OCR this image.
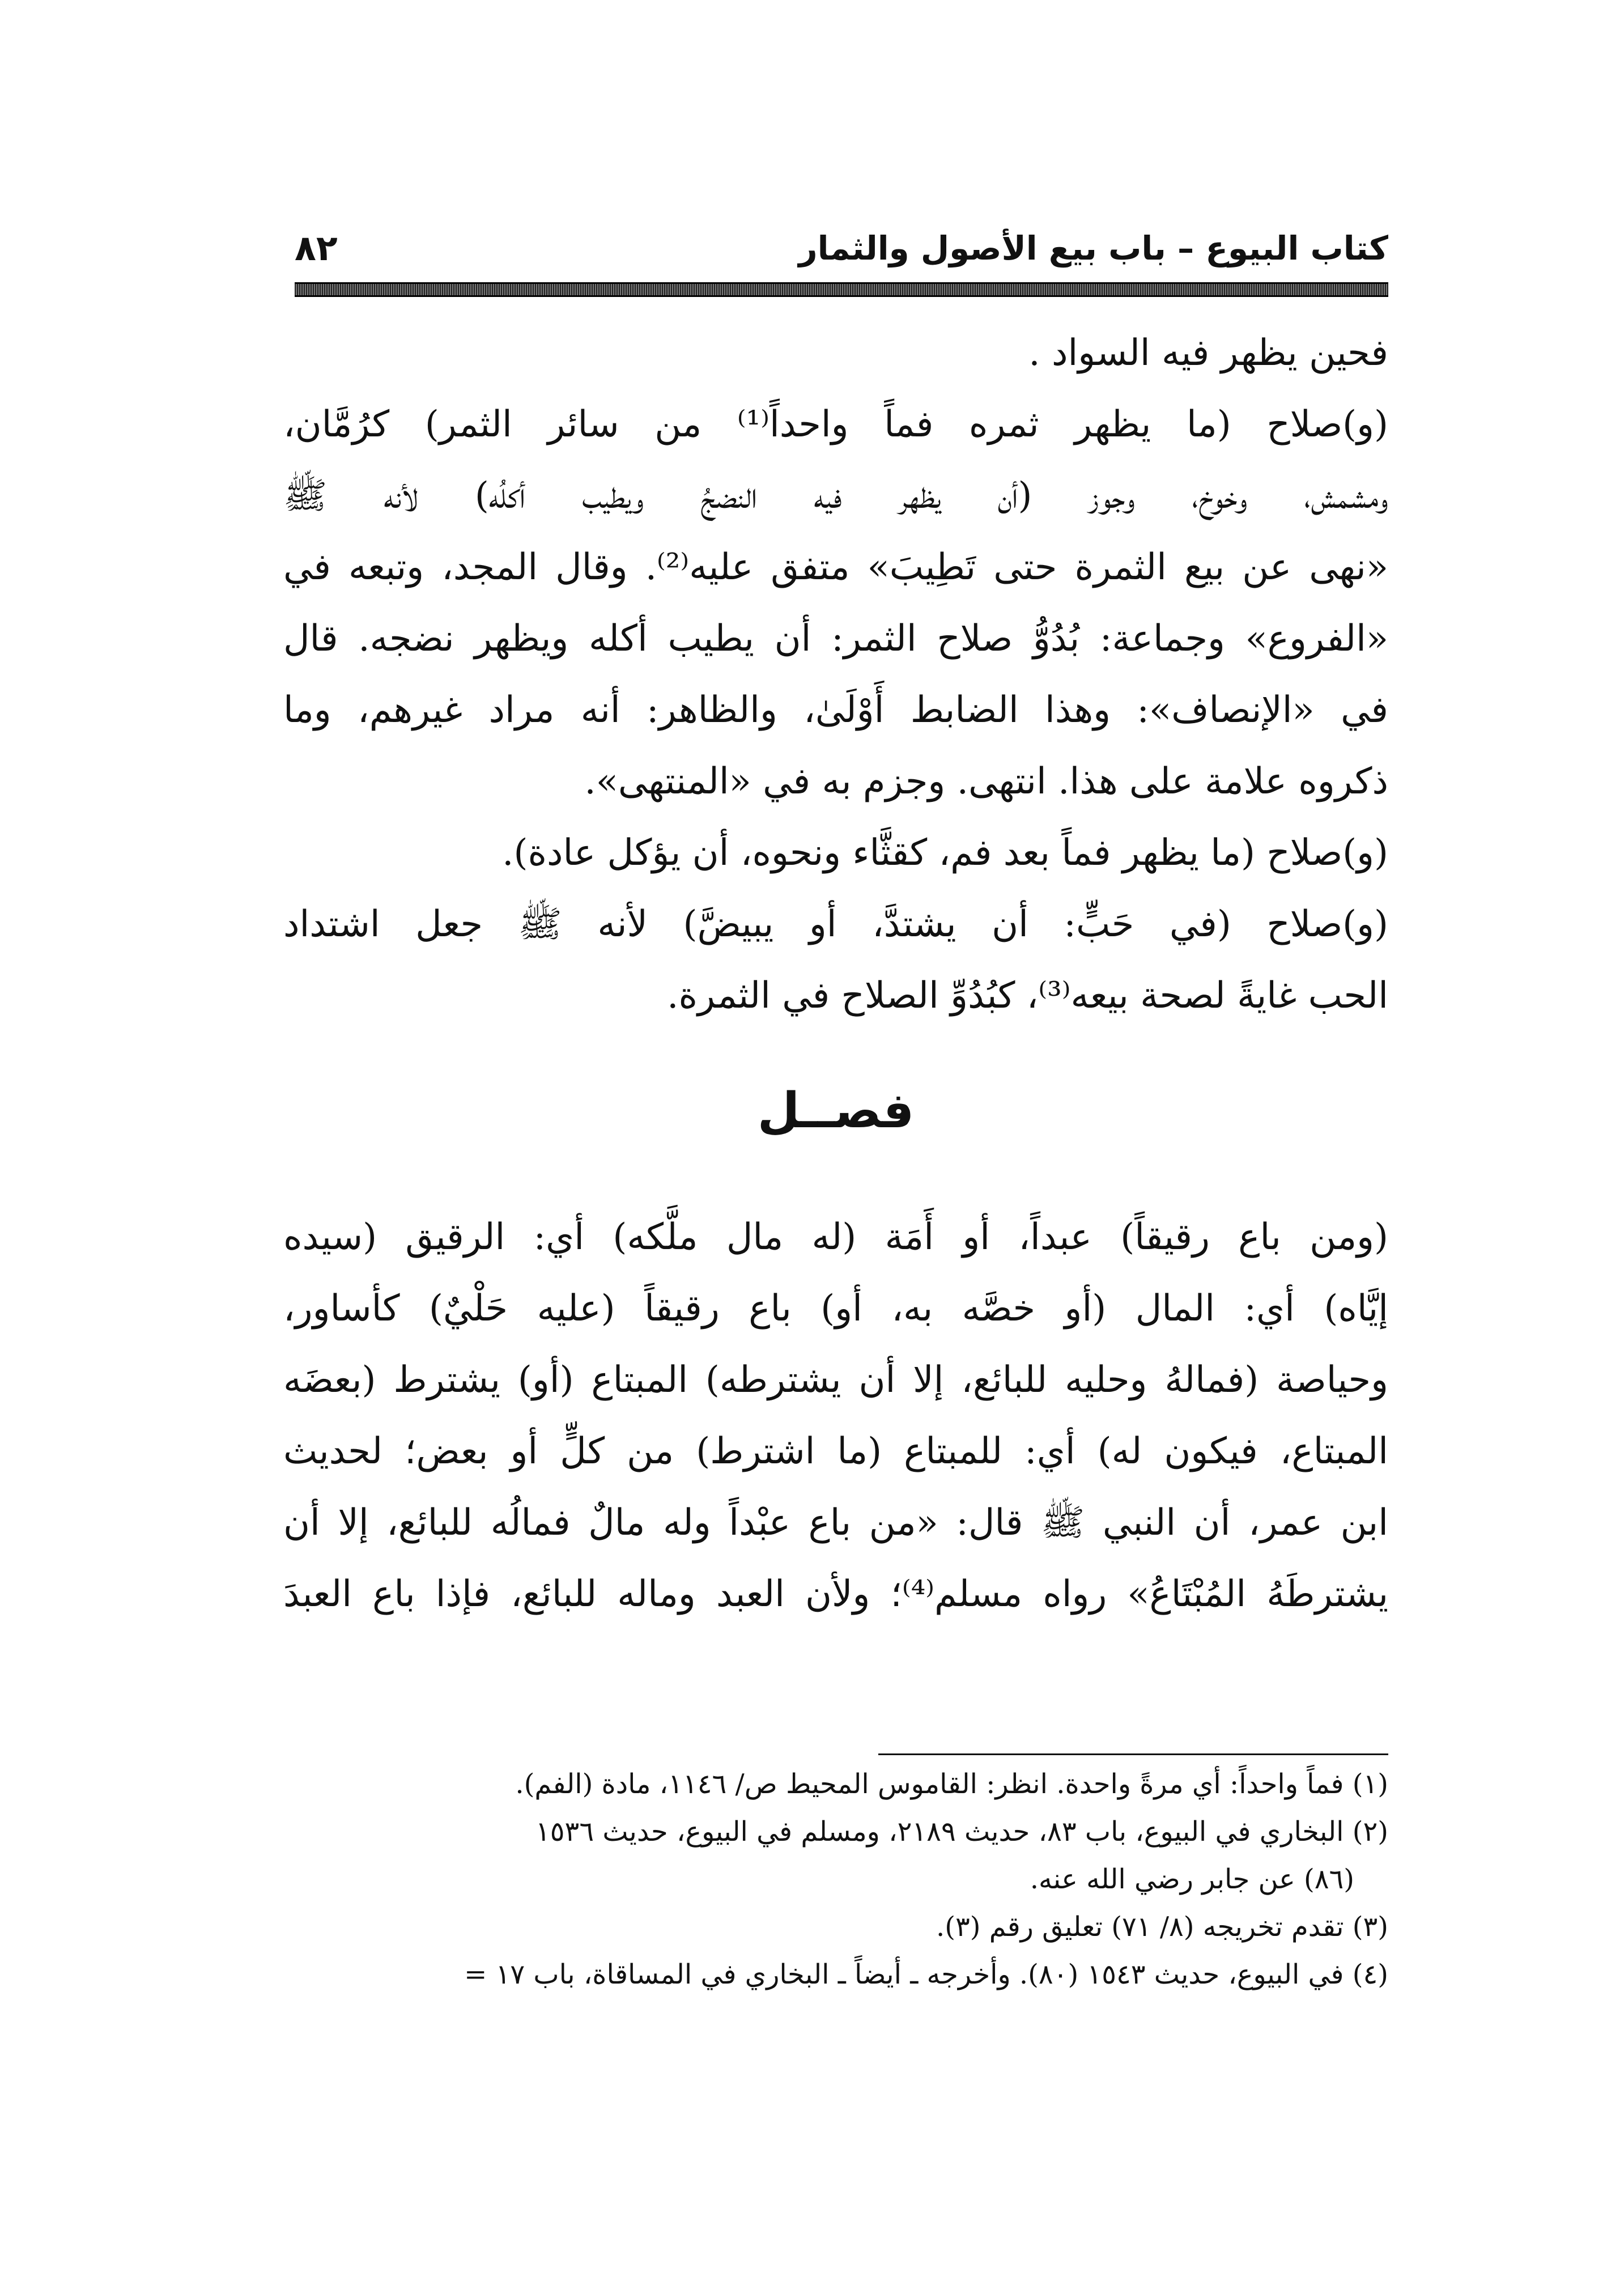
كتاب البيوع – باب بيع الأصول والثمار
٨٢
فحين يظهر فيه السواد .
(و)صلاح (ما يظهر ثمره فماً واحداً⁽¹⁾ من سائر الثمر) كرُمَّان،
ومشمش، وخوخ، وجوز (أن يظهر فيه النضجُ ويطيب أكلُه) لأنه ﷺ
«نهى عن بيع الثمرة حتى تَطِيبَ» متفق عليه⁽²⁾. وقال المجد، وتبعه في
«الفروع» وجماعة: بُدُوُّ صلاح الثمر: أن يطيب أكله ويظهر نضجه. قال
في «الإنصاف»: وهذا الضابط أَوْلَىٰ، والظاهر: أنه مراد غيرهم، وما
ذكروه علامة على هذا. انتهى. وجزم به في «المنتهى».
(و)صلاح (ما يظهر فماً بعد فم، كقثَّاء ونحوه، أن يؤكل عادة).
(و)صلاح (في حَبٍّ: أن يشتدَّ، أو يبيضَّ) لأنه ﷺ جعل اشتداد
الحب غايةً لصحة بيعه⁽³⁾، كبُدُوِّ الصلاح في الثمرة.
فصــل
(ومن باع رقيقاً) عبداً، أو أَمَة (له مال ملَّكه) أي: الرقيق (سيده
إيَّاه) أي: المال (أو خصَّه به، أو) باع رقيقاً (عليه حَلْيٌ) كأساور،
وحياصة (فمالهُ وحليه للبائع، إلا أن يشترطه) المبتاع (أو) يشترط (بعضَه
المبتاع، فيكون له) أي: للمبتاع (ما اشترط) من كلٍّ أو بعض؛ لحديث
ابن عمر، أن النبي ﷺ قال: «من باع عبْداً وله مالٌ فمالُه للبائع، إلا أن
يشترطَهُ المُبْتَاعُ» رواه مسلم⁽⁴⁾؛ ولأن العبد وماله للبائع، فإذا باع العبدَ
(١) فماً واحداً: أي مرةً واحدة. انظر: القاموس المحيط ص/ ١١٤٦، مادة (الفم).
(٢) البخاري في البيوع، باب ٨٣، حديث ٢١٨٩، ومسلم في البيوع، حديث ١٥٣٦
(٨٦) عن جابر رضي الله عنه.
(٣) تقدم تخريجه (٨/ ٧١) تعليق رقم (٣).
(٤) في البيوع، حديث ١٥٤٣ (٨٠). وأخرجه ـ أيضاً ـ البخاري في المساقاة، باب ١٧ =
